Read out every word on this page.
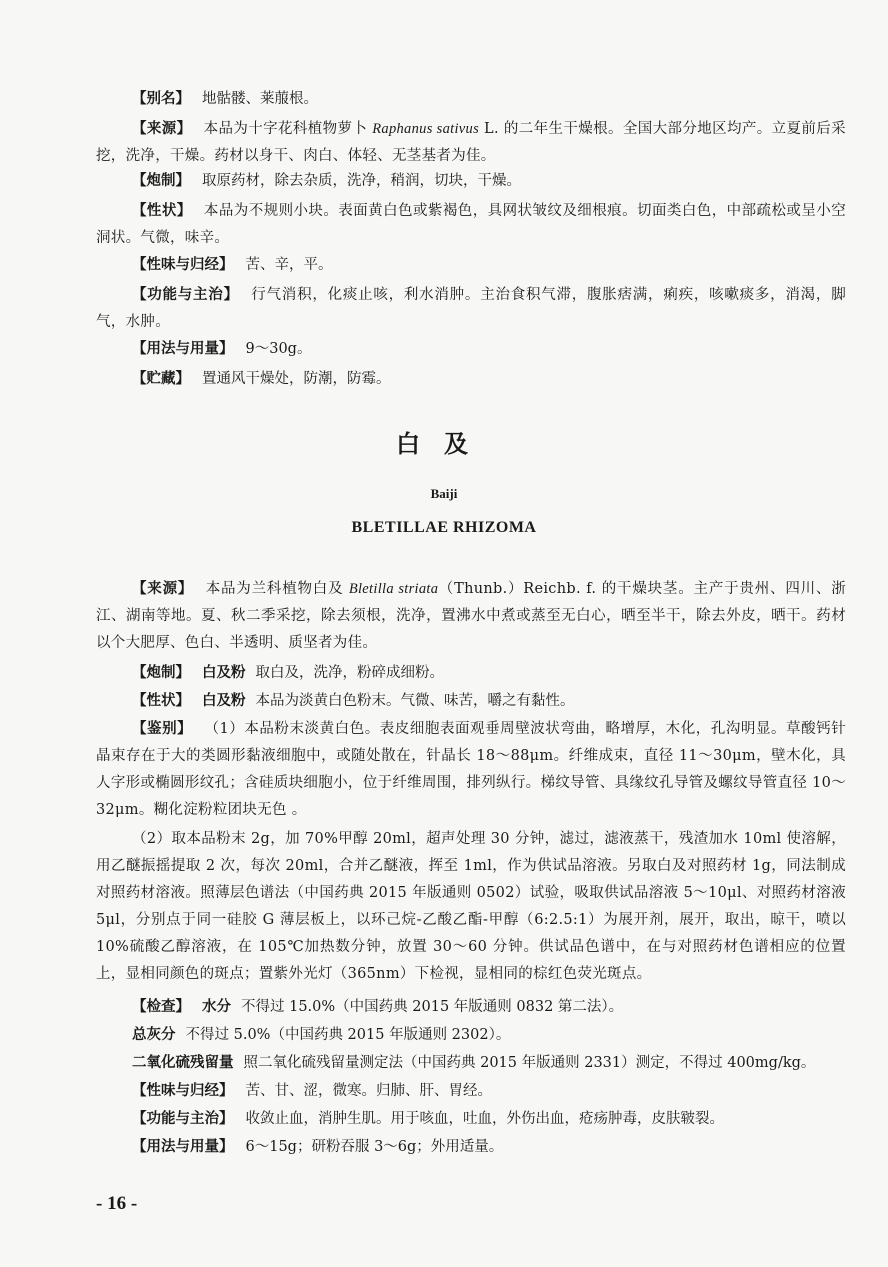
【别名】 地骷髅、莱菔根。
【来源】 本品为十字花科植物萝卜 Raphanus sativus L. 的二年生干燥根。全国大部分地区均产。立夏前后采挖，洗净，干燥。药材以身干、肉白、体轻、无茎基者为佳。
【炮制】 取原药材，除去杂质，洗净，稍润，切块，干燥。
【性状】 本品为不规则小块。表面黄白色或紫褐色，具网状皱纹及细根痕。切面类白色，中部疏松或呈小空洞状。气微，味辛。
【性味与归经】 苦、辛，平。
【功能与主治】 行气消积，化痰止咳，利水消肿。主治食积气滞，腹胀痞满，痢疾，咳嗽痰多，消渴，脚气，水肿。
【用法与用量】 9～30g。
【贮藏】 置通风干燥处，防潮，防霉。
白及
Baiji
BLETILLAE RHIZOMA
【来源】 本品为兰科植物白及 Bletilla striata（Thunb.）Reichb. f. 的干燥块茎。主产于贵州、四川、浙江、湖南等地。夏、秋二季采挖，除去须根，洗净，置沸水中煮或蒸至无白心，晒至半干，除去外皮，晒干。药材以个大肥厚、色白、半透明、质坚者为佳。
【炮制】 白及粉 取白及，洗净，粉碎成细粉。
【性状】 白及粉 本品为淡黄白色粉末。气微、味苦，嚼之有黏性。
【鉴别】 （1）本品粉末淡黄白色。表皮细胞表面观垂周壁波状弯曲，略增厚，木化，孔沟明显。草酸钙针晶束存在于大的类圆形黏液细胞中，或随处散在，针晶长 18～88μm。纤维成束，直径 11～30μm，壁木化，具人字形或椭圆形纹孔；含硅质块细胞小，位于纤维周围，排列纵行。梯纹导管、具缘纹孔导管及螺纹导管直径 10～32μm。糊化淀粉粒团块无色 。
（2）取本品粉末 2g，加 70%甲醇 20ml，超声处理 30 分钟，滤过，滤液蒸干，残渣加水 10ml 使溶解，用乙醚振摇提取 2 次，每次 20ml，合并乙醚液，挥至 1ml，作为供试品溶液。另取白及对照药材 1g，同法制成对照药材溶液。照薄层色谱法（中国药典 2015 年版通则 0502）试验，吸取供试品溶液 5～10μl、对照药材溶液 5μl，分别点于同一硅胶 G 薄层板上，以环己烷-乙酸乙酯-甲醇（6:2.5:1）为展开剂，展开，取出，晾干，喷以 10%硫酸乙醇溶液，在 105℃加热数分钟，放置 30～60 分钟。供试品色谱中，在与对照药材色谱相应的位置上，显相同颜色的斑点；置紫外光灯（365nm）下检视，显相同的棕红色荧光斑点。
【检查】 水分 不得过 15.0%（中国药典 2015 年版通则 0832 第二法）。
总灰分 不得过 5.0%（中国药典 2015 年版通则 2302）。
二氧化硫残留量 照二氧化硫残留量测定法（中国药典 2015 年版通则 2331）测定，不得过 400mg/kg。
【性味与归经】 苦、甘、涩，微寒。归肺、肝、胃经。
【功能与主治】 收敛止血，消肿生肌。用于咳血，吐血，外伤出血，疮疡肿毒，皮肤皲裂。
【用法与用量】 6～15g；研粉吞服 3～6g；外用适量。
- 16 -
